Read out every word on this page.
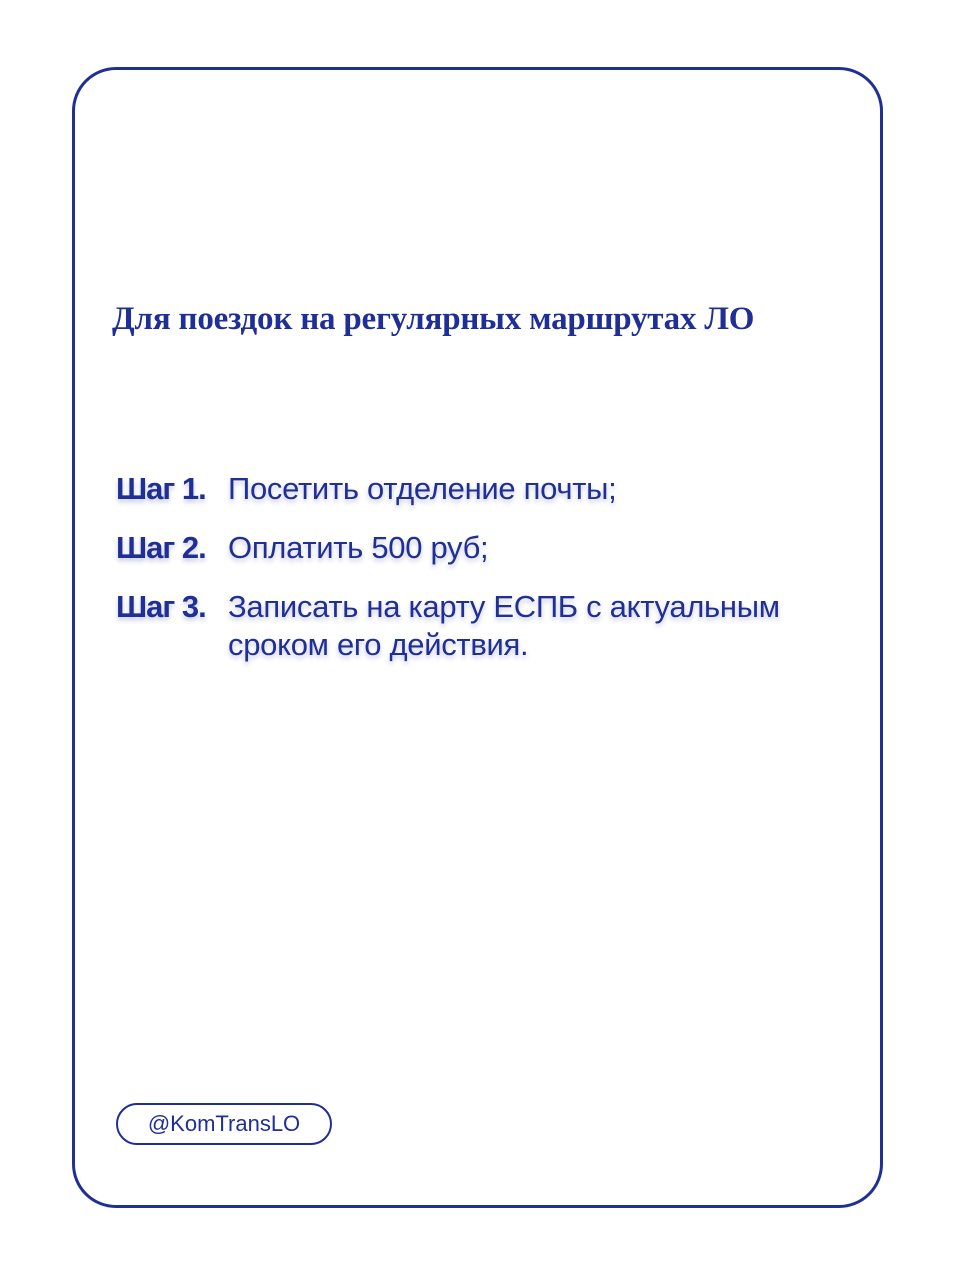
Для поездок на регулярных маршрутах ЛО
Шаг 1. Посетить отделение почты;
Шаг 2. Оплатить 500 руб;
Шаг 3. Записать на карту ЕСПБ с актуальным сроком его действия.
@KomTransLO
